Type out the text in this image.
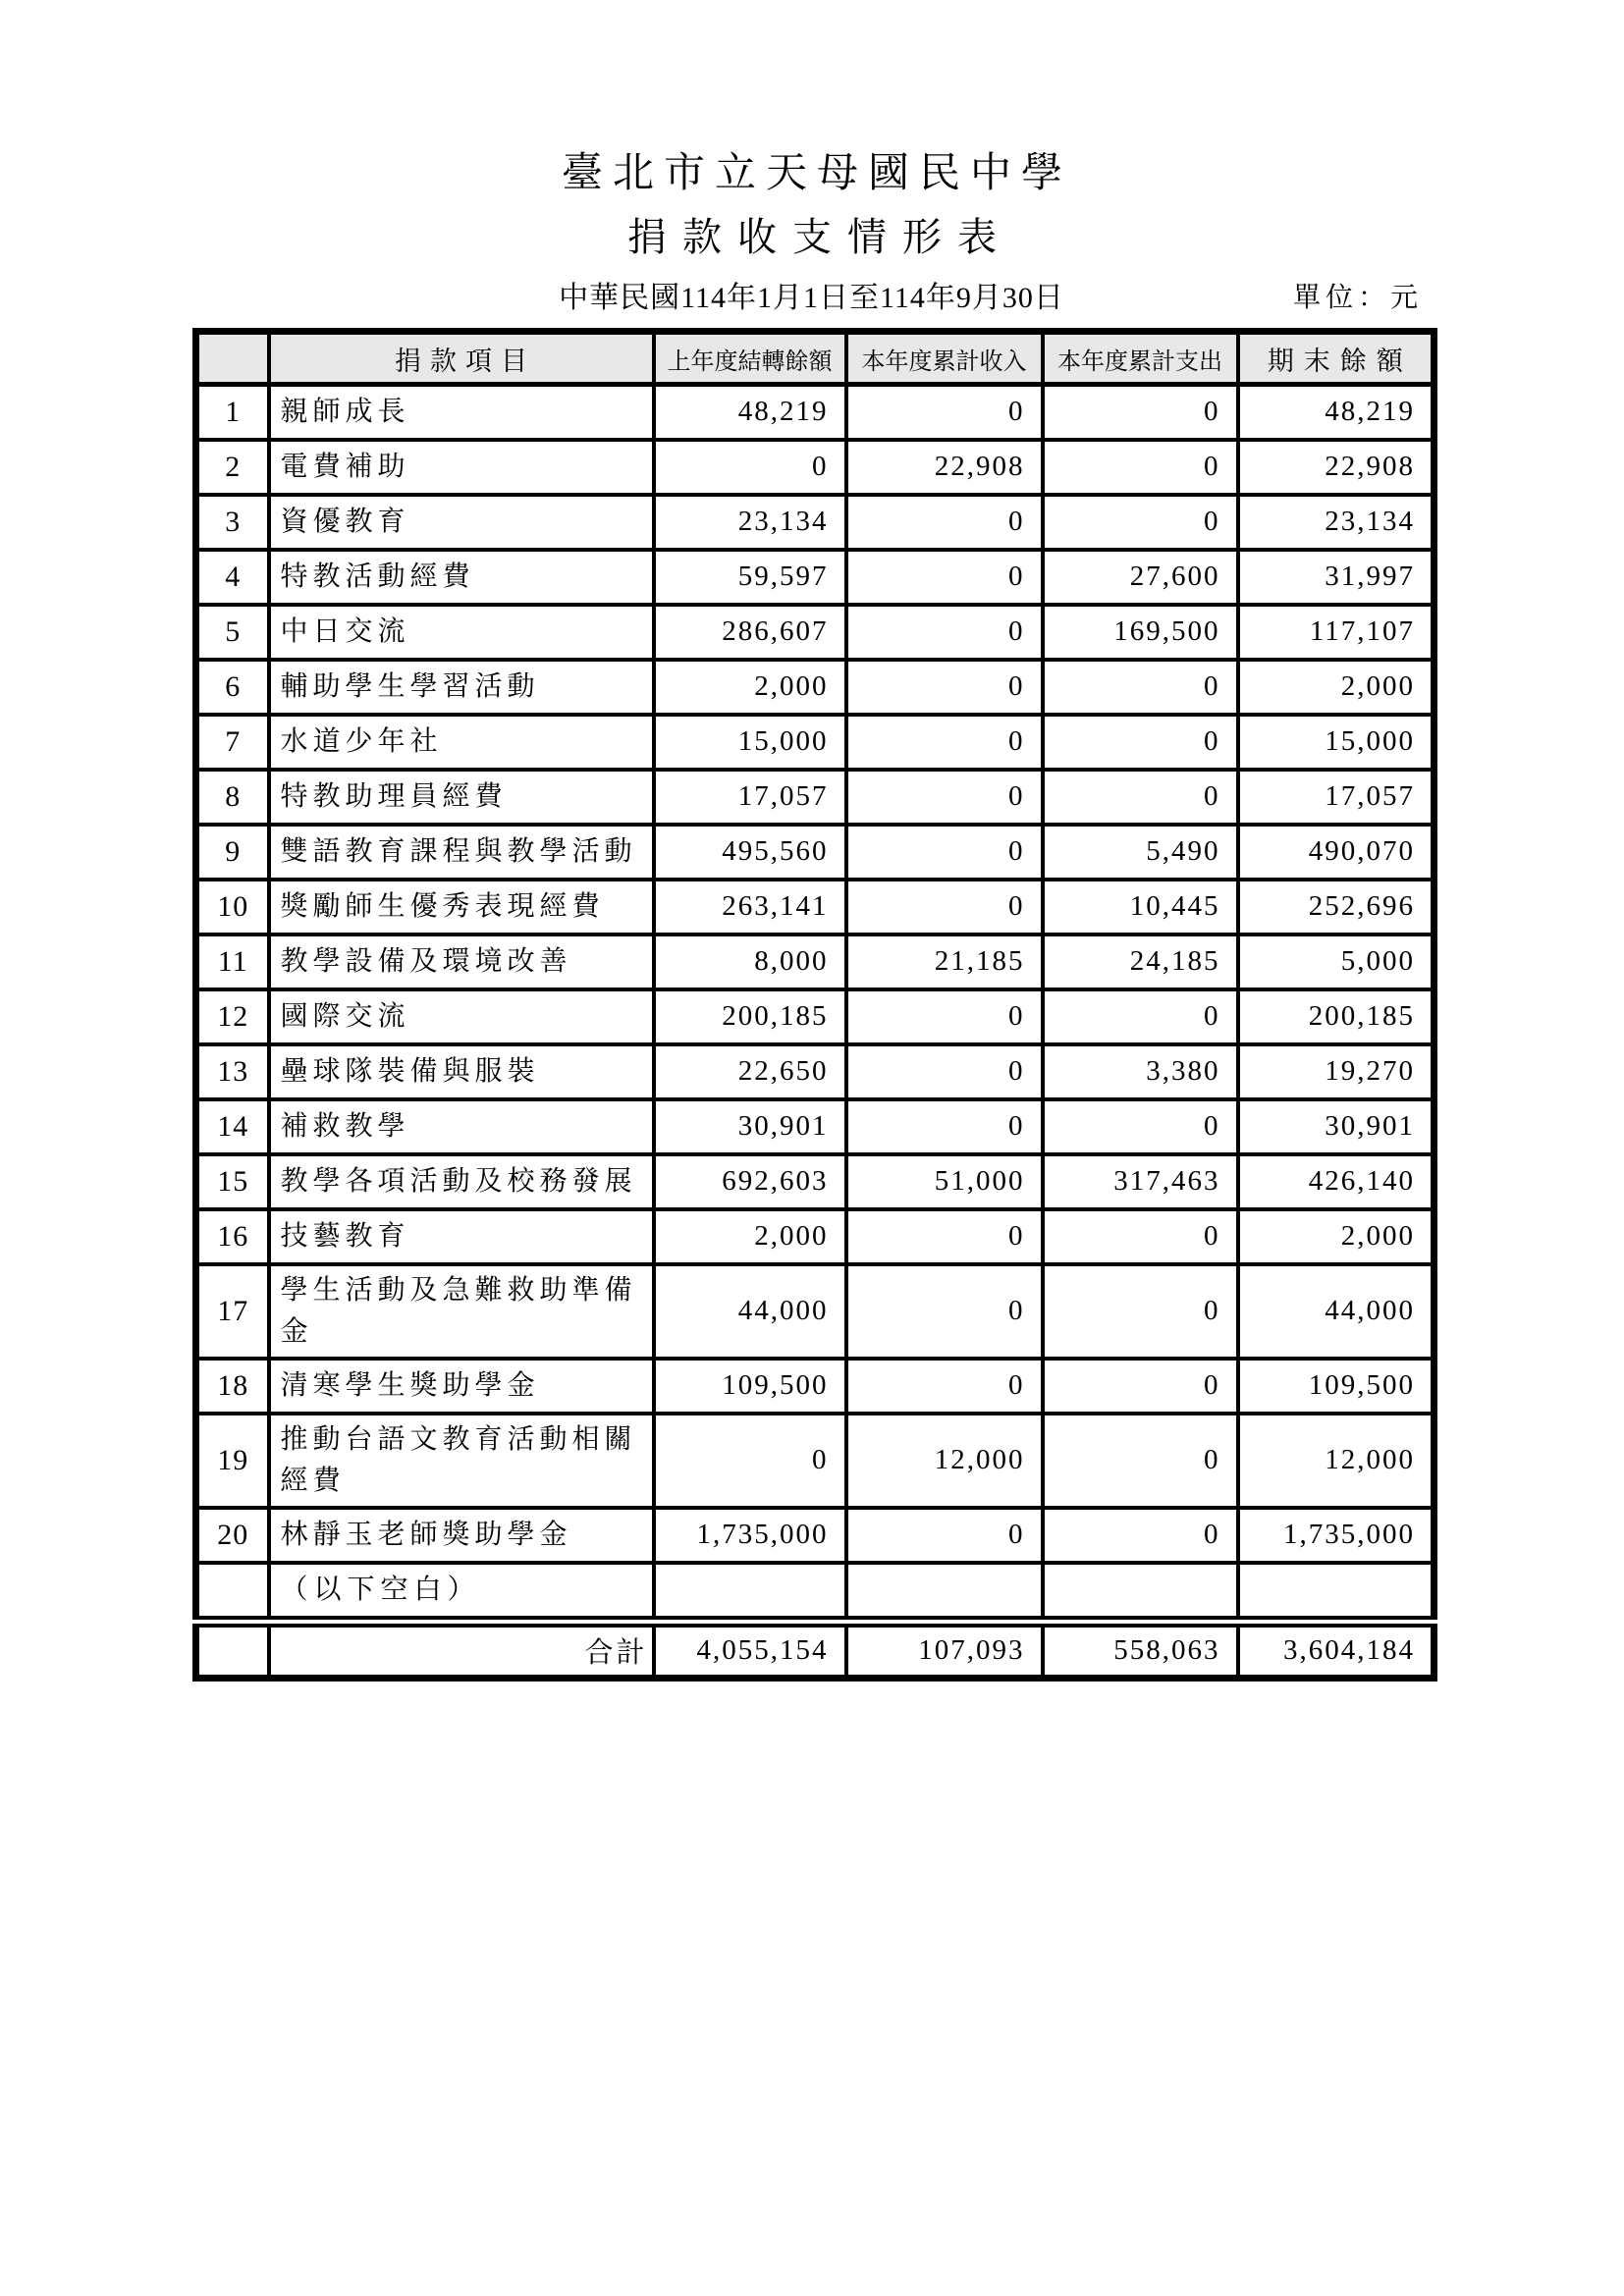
臺北市立天母國民中學
捐款收支情形表
中華民國114年1月1日至114年9月30日	單位：元
	捐款項目	上年度結轉餘額	本年度累計收入	本年度累計支出	期末餘額
1	親師成長	48,219	0	0	48,219
2	電費補助	0	22,908	0	22,908
3	資優教育	23,134	0	0	23,134
4	特教活動經費	59,597	0	27,600	31,997
5	中日交流	286,607	0	169,500	117,107
6	輔助學生學習活動	2,000	0	0	2,000
7	水道少年社	15,000	0	0	15,000
8	特教助理員經費	17,057	0	0	17,057
9	雙語教育課程與教學活動	495,560	0	5,490	490,070
10	獎勵師生優秀表現經費	263,141	0	10,445	252,696
11	教學設備及環境改善	8,000	21,185	24,185	5,000
12	國際交流	200,185	0	0	200,185
13	壘球隊裝備與服裝	22,650	0	3,380	19,270
14	補救教學	30,901	0	0	30,901
15	教學各項活動及校務發展	692,603	51,000	317,463	426,140
16	技藝教育	2,000	0	0	2,000
17	學生活動及急難救助準備金	44,000	0	0	44,000
18	清寒學生獎助學金	109,500	0	0	109,500
19	推動台語文教育活動相關經費	0	12,000	0	12,000
20	林靜玉老師獎助學金	1,735,000	0	0	1,735,000
	（以下空白）				
	合計	4,055,154	107,093	558,063	3,604,184
